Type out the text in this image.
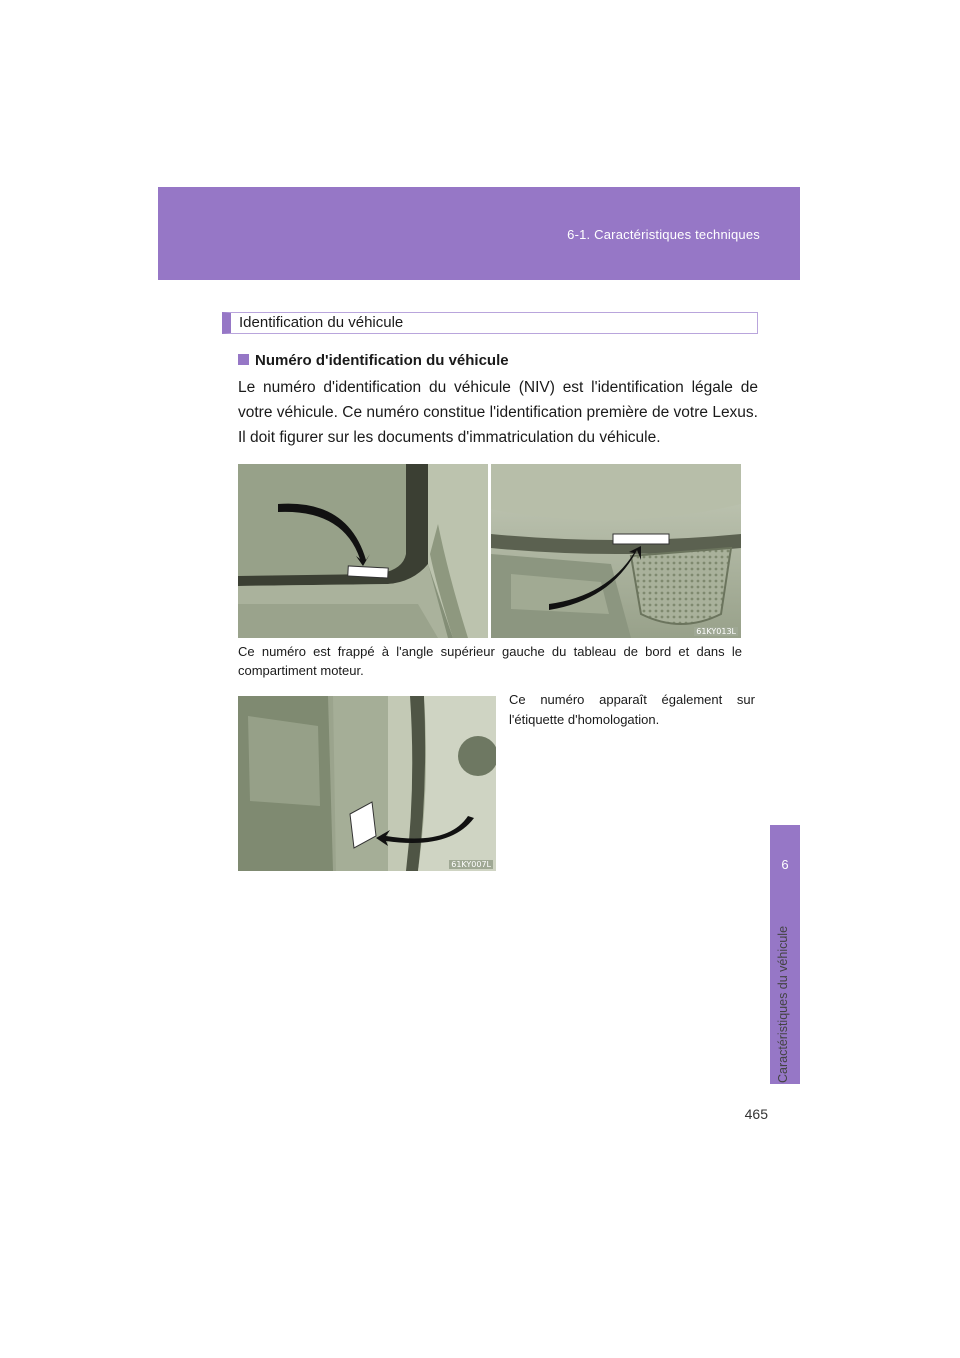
6-1. Caractéristiques techniques
6
Caractéristiques du véhicule
Identification du véhicule
Numéro d'identification du véhicule
Le numéro d'identification du véhicule (NIV) est l'identification légale de votre véhicule. Ce numéro constitue l'identification première de votre Lexus. Il doit figurer sur les documents d'immatriculation du véhicule.
61KY013L
Ce numéro est frappé à l'angle supérieur gauche du tableau de bord et dans le compartiment moteur.
61KY007L
Ce numéro apparaît également sur l'étiquette d'homologation.
465
